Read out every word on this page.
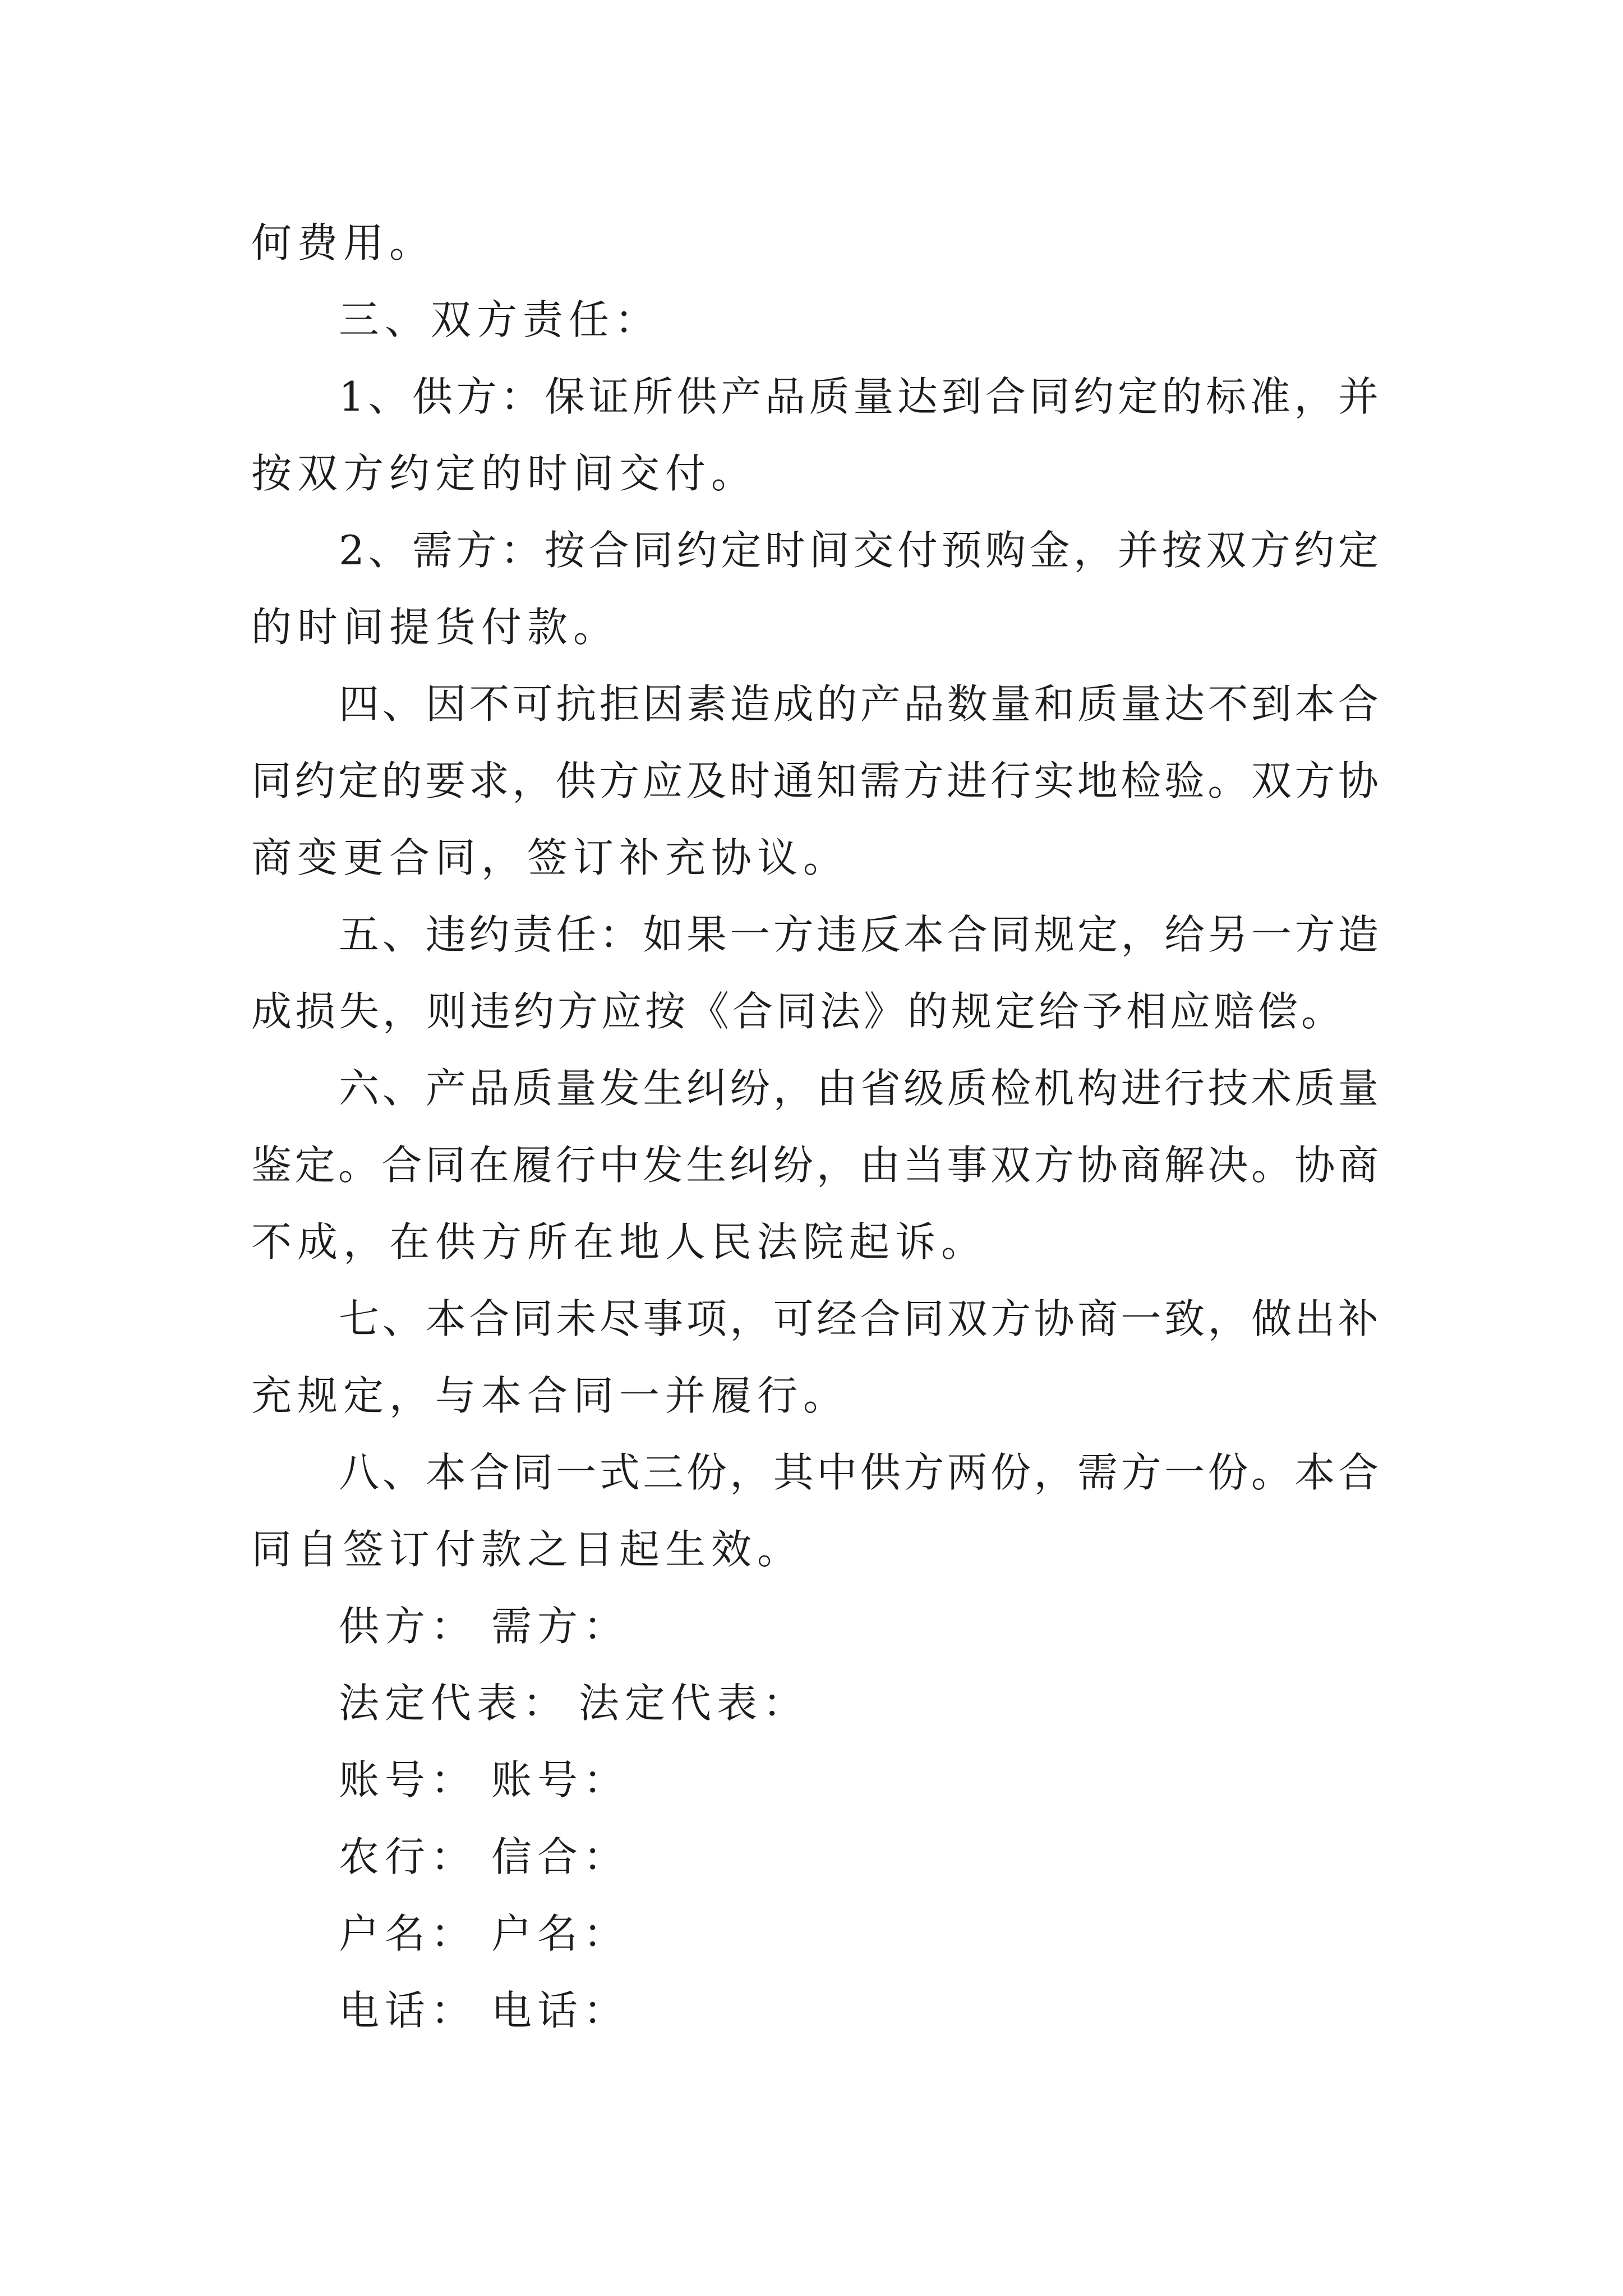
何费用。
三、双方责任：
1、供方：保证所供产品质量达到合同约定的标准，并
按双方约定的时间交付。
2、需方：按合同约定时间交付预购金，并按双方约定
的时间提货付款。
四、因不可抗拒因素造成的产品数量和质量达不到本合
同约定的要求，供方应及时通知需方进行实地检验。双方协
商变更合同，签订补充协议。
五、违约责任：如果一方违反本合同规定，给另一方造
成损失，则违约方应按《合同法》的规定给予相应赔偿。
六、产品质量发生纠纷，由省级质检机构进行技术质量
鉴定。合同在履行中发生纠纷，由当事双方协商解决。协商
不成，在供方所在地人民法院起诉。
七、本合同未尽事项，可经合同双方协商一致，做出补
充规定，与本合同一并履行。
八、本合同一式三份，其中供方两份，需方一份。本合
同自签订付款之日起生效。
供方： 需方：
法定代表： 法定代表：
账号： 账号：
农行： 信合：
户名： 户名：
电话： 电话：
